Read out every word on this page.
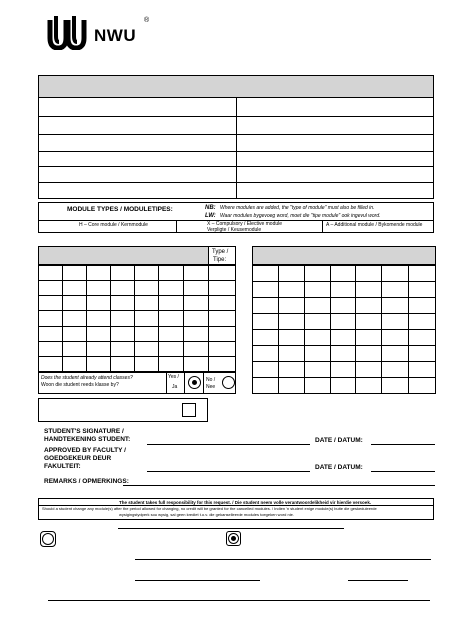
NWU
®
MODULE TYPES / MODULETIPES:	NB: Where modules are added, the "type of module" must also be filled in.
LW: Waar modules bygevoeg word, moet die "tipe module" ook ingevul word.
H – Core module / Kernmodule	X – Compulsory / Elective module
Verpligte / Keusemodule
A – Additional module / Bykomende module
Type /
Tipe:

Does the student already attend classes?
Woon die student reeds klasse by?
Yes /
Ja
No /
Nee

STUDENT'S SIGNATURE /
HANDTEKENING STUDENT:	DATE / DATUM:
APPROVED BY FACULTY /
GOEDGEKEUR DEUR
FAKULTEIT:	DATE / DATUM:
REMARKS / OPMERKINGS:
The student takes full responsibility for this request. / Die student neem volle verantwoordelikheid vir hierdie versoek.
Should a student change any module(s) after the period allowed for changing, no credit will be granted for the cancelled modules. / Indien 'n student enige module(s) buite die geskeduleerde
wysigingstydperk sou wysig, sal geen krediet t.o.v. die gekanselleerde modules toegeken word nie.
